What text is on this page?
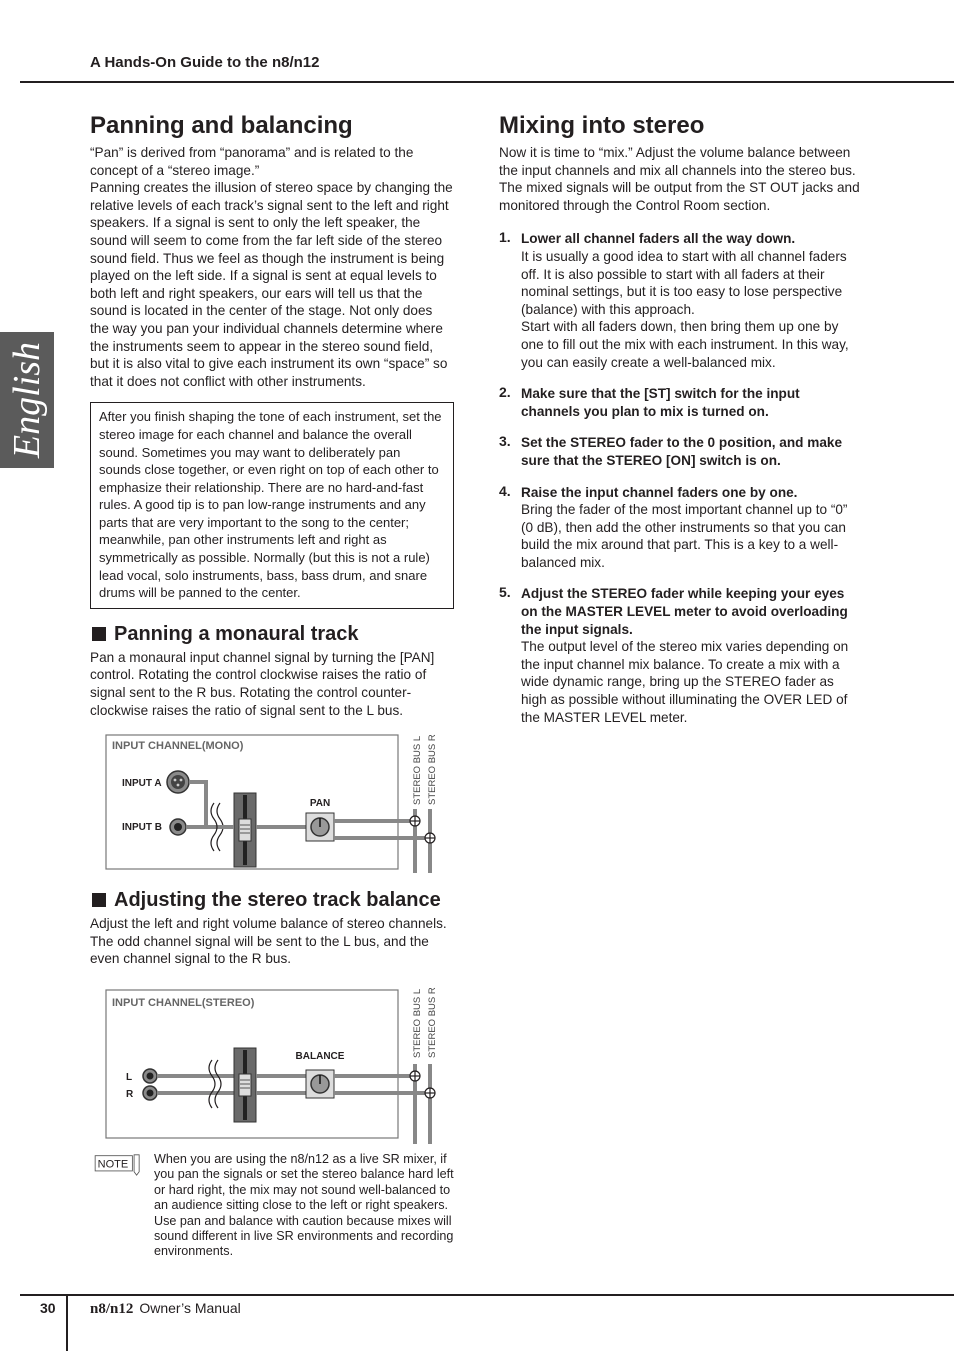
A Hands-On Guide to the n8/n12
English
Panning and balancing

“Pan” is derived from “panorama” and is related to the concept of a “stereo image.”

Panning creates the illusion of stereo space by changing the relative levels of each track’s signal sent to the left and right speakers. If a signal is sent to only the left speaker, the sound will seem to come from the far left side of the stereo sound field. Thus we feel as though the instrument is being played on the left side. If a signal is sent at equal levels to both left and right speakers, our ears will tell us that the sound is located in the center of the stage. Not only does the way you pan your individual channels determine where the instruments seem to appear in the stereo sound field, but it is also vital to give each instrument its own “space” so that it does not conflict with other instruments.

After you finish shaping the tone of each instrument, set the stereo image for each channel and balance the overall sound. Sometimes you may want to deliberately pan sounds close together, or even right on top of each other to emphasize their relationship. There are no hard-and-fast rules. A good tip is to pan low-range instruments and any parts that are very important to the song to the center; meanwhile, pan other instruments left and right as symmetrically as possible. Normally (but this is not a rule) lead vocal, solo instruments, bass, bass drum, and snare drums will be panned to the center.

Panning a monaural track

Pan a monaural input channel signal by turning the [PAN] control. Rotating the control clockwise raises the ratio of signal sent to the R bus. Rotating the control counter-clockwise raises the ratio of signal sent to the L bus.

INPUT CHANNEL(MONO)
INPUT A
INPUT B
PAN	STEREO BUS L STEREO BUS R
Adjusting the stereo track balance

Adjust the left and right volume balance of stereo channels. The odd channel signal will be sent to the L bus, and the even channel signal to the R bus.

INPUT CHANNEL(STEREO)
L
R
BALANCE	STEREO BUS L STEREO BUS R
NOTE When you are using the n8/n12 as a live SR mixer, if you pan the signals or set the stereo balance hard left or hard right, the mix may not sound well-balanced to an audience sitting close to the left or right speakers. Use pan and balance with caution because mixes will sound different in live SR environments and recording environments.

Mixing into stereo

Now it is time to “mix.” Adjust the volume balance between the input channels and mix all channels into the stereo bus.

The mixed signals will be output from the ST OUT jacks and monitored through the Control Room section.

1. Lower all channel faders all the way down.

It is usually a good idea to start with all channel faders off. It is also possible to start with all faders at their nominal settings, but it is too easy to lose perspective (balance) with this approach.

Start with all faders down, then bring them up one by one to fill out the mix with each instrument. In this way, you can easily create a well-balanced mix.

2. Make sure that the [ST] switch for the input channels you plan to mix is turned on.
3. Set the STEREO fader to the 0 position, and make sure that the STEREO [ON] switch is on.
4. Raise the input channel faders one by one.

Bring the fader of the most important channel up to “0” (0 dB), then add the other instruments so that you can build the mix around that part. This is a key to a well-balanced mix.

5. Adjust the STEREO fader while keeping your eyes on the MASTER LEVEL meter to avoid overloading the input signals.

The output level of the stereo mix varies depending on the input channel mix balance. To create a mix with a wide dynamic range, bring up the STEREO fader as high as possible without illuminating the OVER LED of the MASTER LEVEL meter.

30 n8/n12 Owner’s Manual
